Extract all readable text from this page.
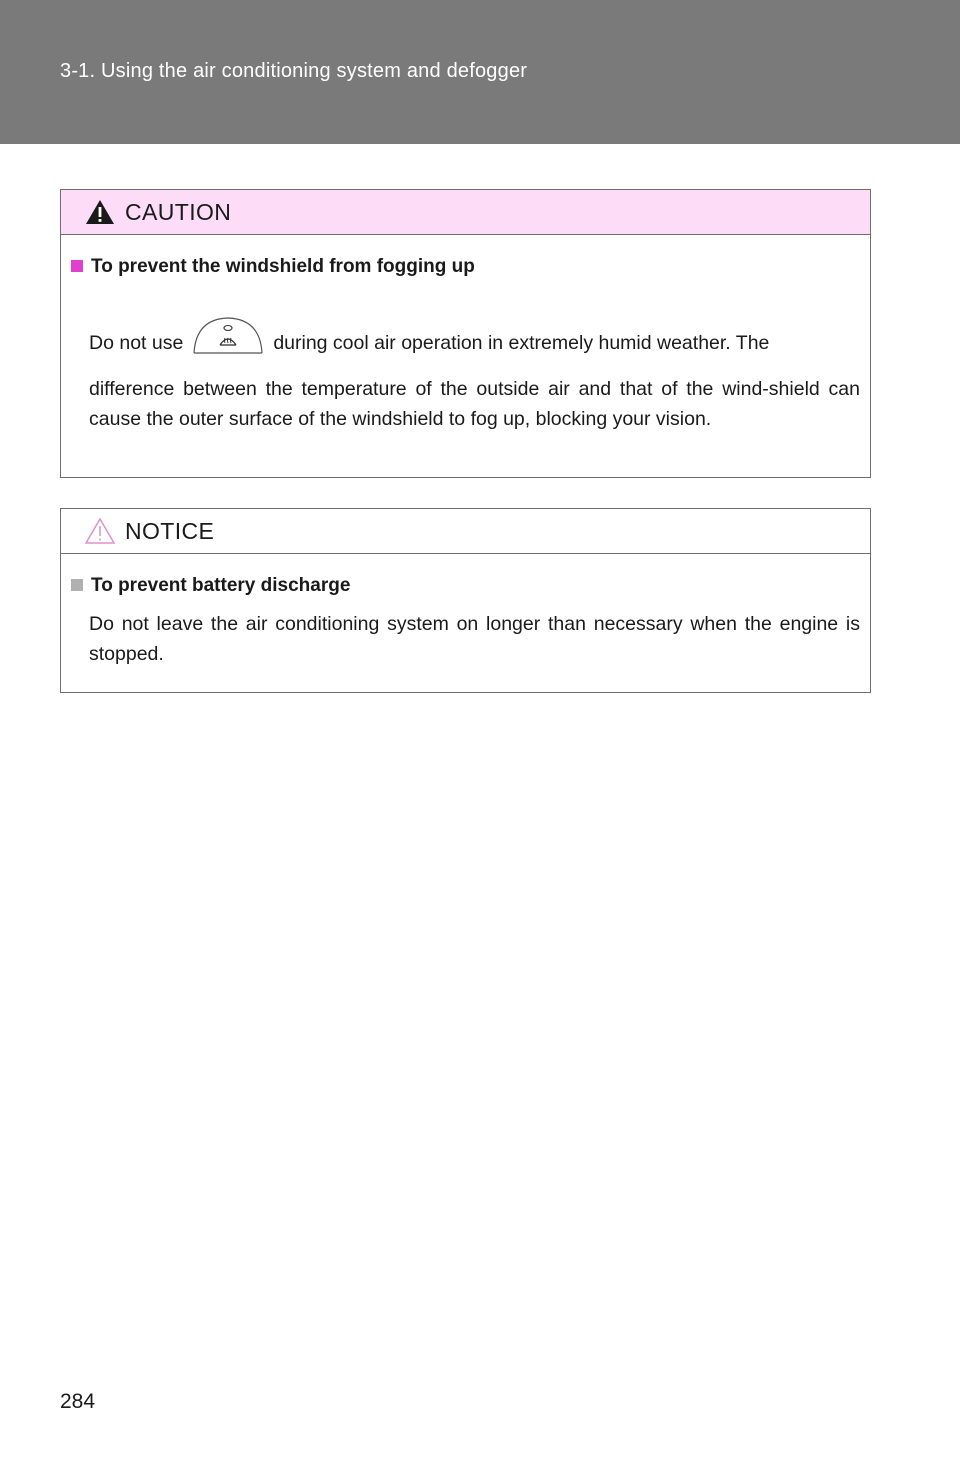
3-1. Using the air conditioning system and defogger
CAUTION
To prevent the windshield from fogging up
Do not use	during cool air operation in extremely humid weather. The
difference between the temperature of the outside air and that of the wind-shield can cause the outer surface of the windshield to fog up, blocking your vision.
NOTICE
To prevent battery discharge
Do not leave the air conditioning system on longer than necessary when the engine is stopped.
284
